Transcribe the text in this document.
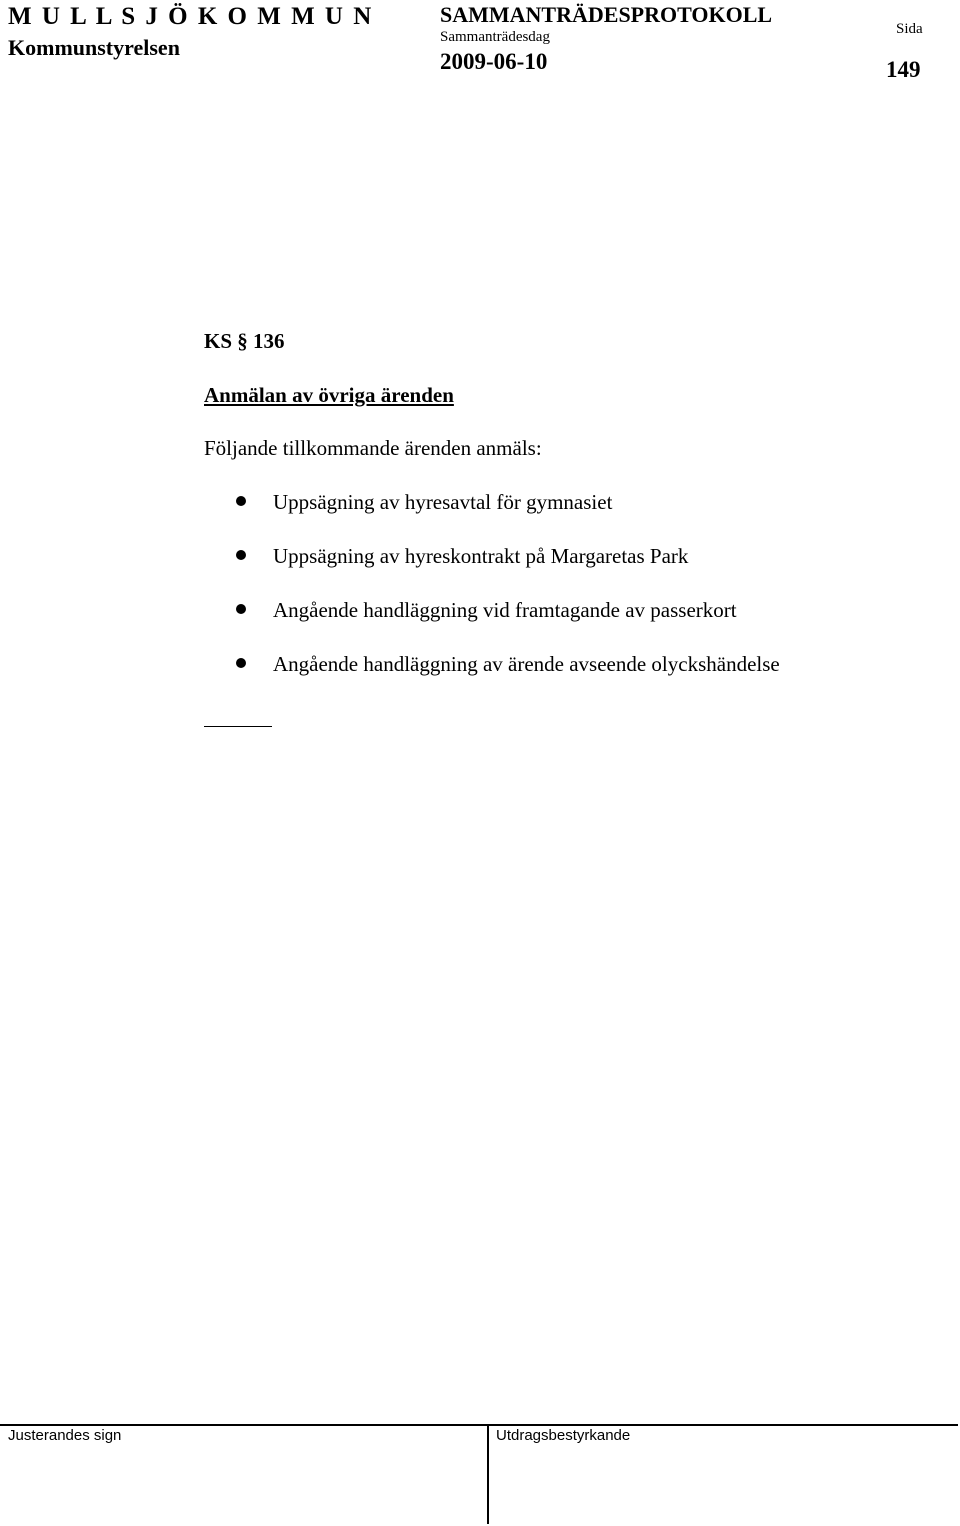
M U L L S J Ö K O M M U N
Kommunstyrelsen
SAMMANTRÄDESPROTOKOLL
Sammanträdesdag
2009-06-10
Sida
149
KS § 136
Anmälan av övriga ärenden
Följande tillkommande ärenden anmäls:
Uppsägning av hyresavtal för gymnasiet
Uppsägning av hyreskontrakt på Margaretas Park
Angående handläggning vid framtagande av passerkort
Angående handläggning av ärende avseende olyckshändelse
Justerandes sign	Utdragsbestyrkande
